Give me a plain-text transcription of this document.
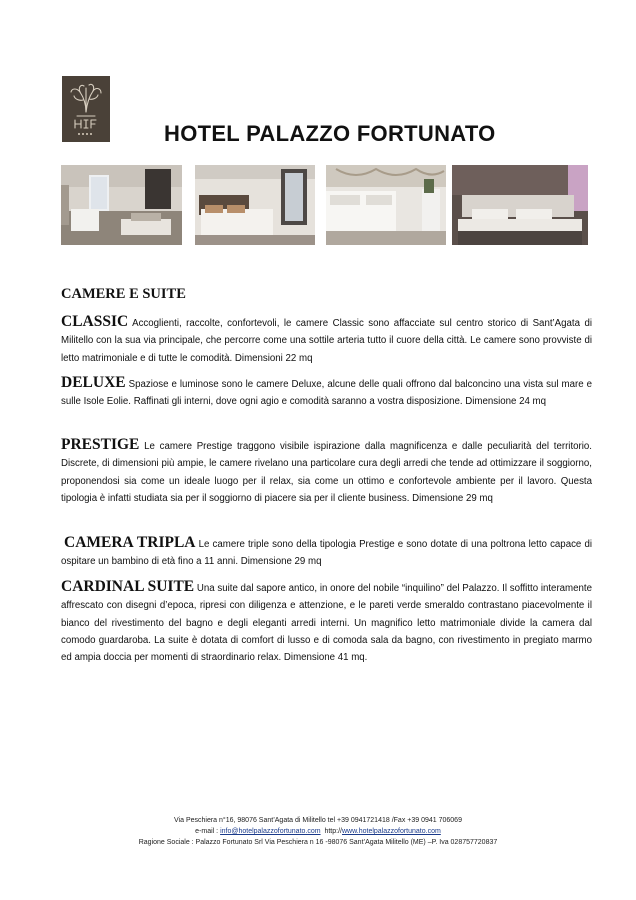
HOTEL PALAZZO FORTUNATO
CAMERE E SUITE
CLASSIC Accoglienti, raccolte, confortevoli, le camere Classic sono affacciate sul centro storico di Sant’Agata di Militello con la sua via principale, che percorre come una sottile arteria tutto il cuore della città. Le camere sono provviste di letto matrimoniale e di tutte le comodità. Dimensioni 22 mq
DELUXE Spaziose e luminose sono le camere Deluxe, alcune delle quali offrono dal balconcino una vista sul mare e sulle Isole Eolie. Raffinati gli interni, dove ogni agio e comodità saranno a vostra disposizione. Dimensione 24 mq
PRESTIGE Le camere Prestige traggono visibile ispirazione dalla magnificenza e dalle peculiarità del territorio. Discrete, di dimensioni più ampie, le camere rivelano una particolare cura degli arredi che tende ad ottimizzare il soggiorno, proponendosi sia come un ideale luogo per il relax, sia come un ottimo e confortevole ambiente per il lavoro. Questa tipologia è infatti studiata sia per il soggiorno di piacere sia per il cliente business. Dimensione 29 mq
CAMERA TRIPLA Le camere triple sono della tipologia Prestige e sono dotate di una poltrona letto capace di ospitare un bambino di età fino a 11 anni. Dimensione 29 mq
CARDINAL SUITE Una suite dal sapore antico, in onore del nobile “inquilino” del Palazzo. Il soffitto interamente affrescato con disegni d’epoca, ripresi con diligenza e attenzione, e le pareti verde smeraldo contrastano piacevolmente il bianco del rivestimento del bagno e degli eleganti arredi interni. Un magnifico letto matrimoniale divide la camera dal comodo guardaroba. La suite è dotata di comfort di lusso e di comoda sala da bagno, con rivestimento in pregiato marmo ed ampia doccia per momenti di straordinario relax. Dimensione 41 mq.
Via Peschiera n°16, 98076 Sant’Agata di Militello tel +39 0941721418 /Fax +39 0941 706069
e-mail : info@hotelpalazzofortunato.com http://www.hotelpalazzofortunato.com
Ragione Sociale : Palazzo Fortunato Srl Via Peschiera n 16 -98076 Sant’Agata Militello (ME) –P. Iva 028757720837
